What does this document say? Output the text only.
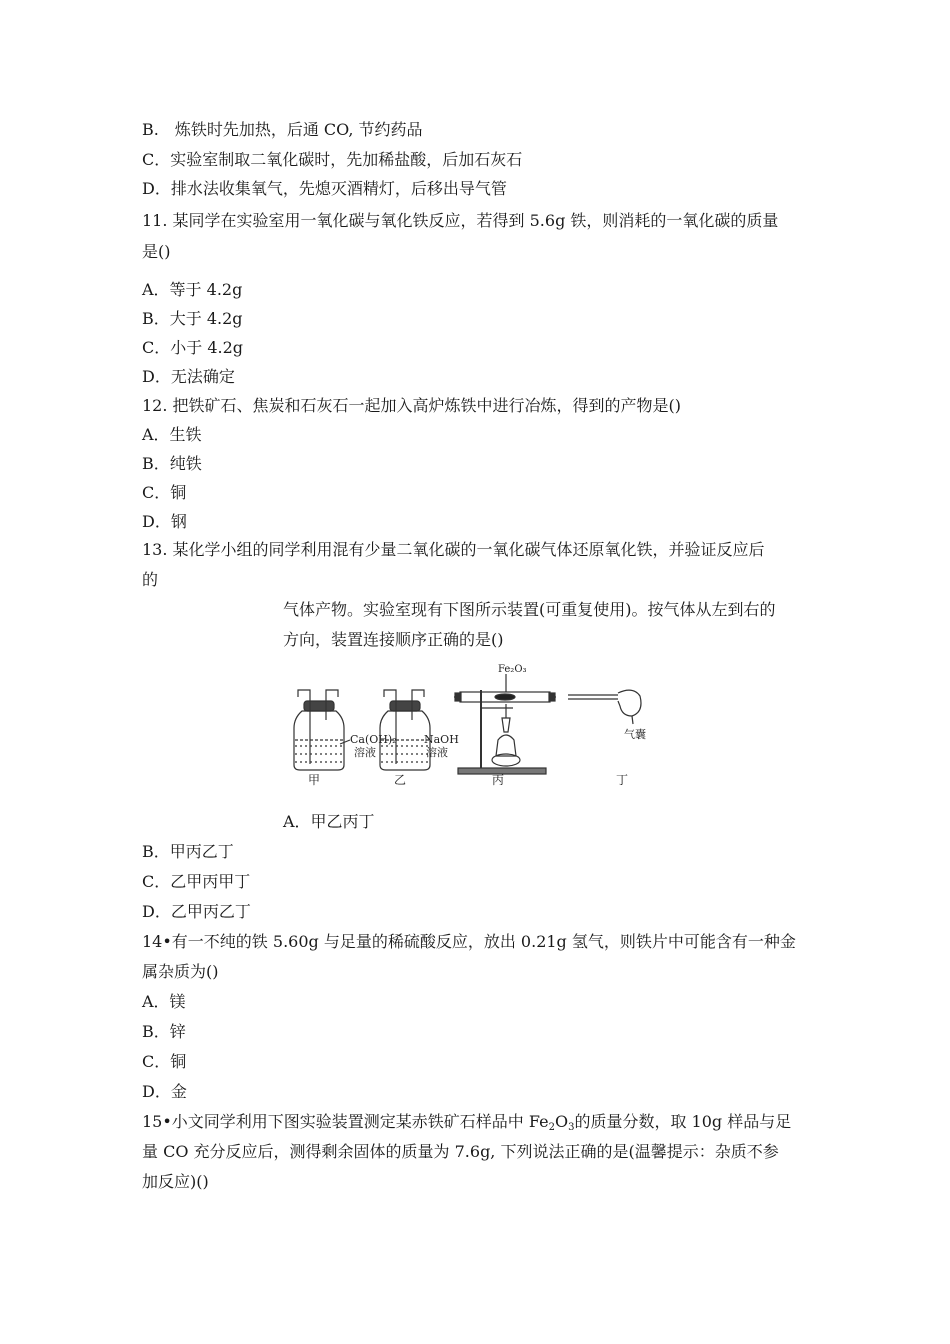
B.　炼铁时先加热，后通 CO, 节约药品
C．实验室制取二氧化碳时，先加稀盐酸，后加石灰石
D．排水法收集氧气，先熄灭酒精灯，后移出导气管
11. 某同学在实验室用一氧化碳与氧化铁反应，若得到 5.6g 铁，则消耗的一氧化碳的质量
是()
A．等于 4.2g
B．大于 4.2g
C．小于 4.2g
D．无法确定
12. 把铁矿石、焦炭和石灰石一起加入高炉炼铁中进行冶炼，得到的产物是()
A．生铁
B．纯铁
C．铜
D．钢
13. 某化学小组的同学利用混有少量二氧化碳的一氧化碳气体还原氧化铁，并验证反应后
的
气体产物。实验室现有下图所示装置(可重复使用)。按气体从左到右的
方向，装置连接顺序正确的是()
Ca(OH)₂
溶液
甲
NaOH
溶液
乙
Fe₂O₃
丙
气囊
丁
A．甲乙丙丁
B．甲丙乙丁
C．乙甲丙甲丁
D．乙甲丙乙丁
14•有一不纯的铁 5.60g 与足量的稀硫酸反应，放出 0.21g 氢气，则铁片中可能含有一种金
属杂质为()
A．镁
B．锌
C．铜
D．金
15•小文同学利用下图实验装置测定某赤铁矿石样品中 $Fe_2O_3$的质量分数，取 10g 样品与足
量 CO 充分反应后，测得剩余固体的质量为 7.6g, 下列说法正确的是(温馨提示：杂质不参
加反应)()
